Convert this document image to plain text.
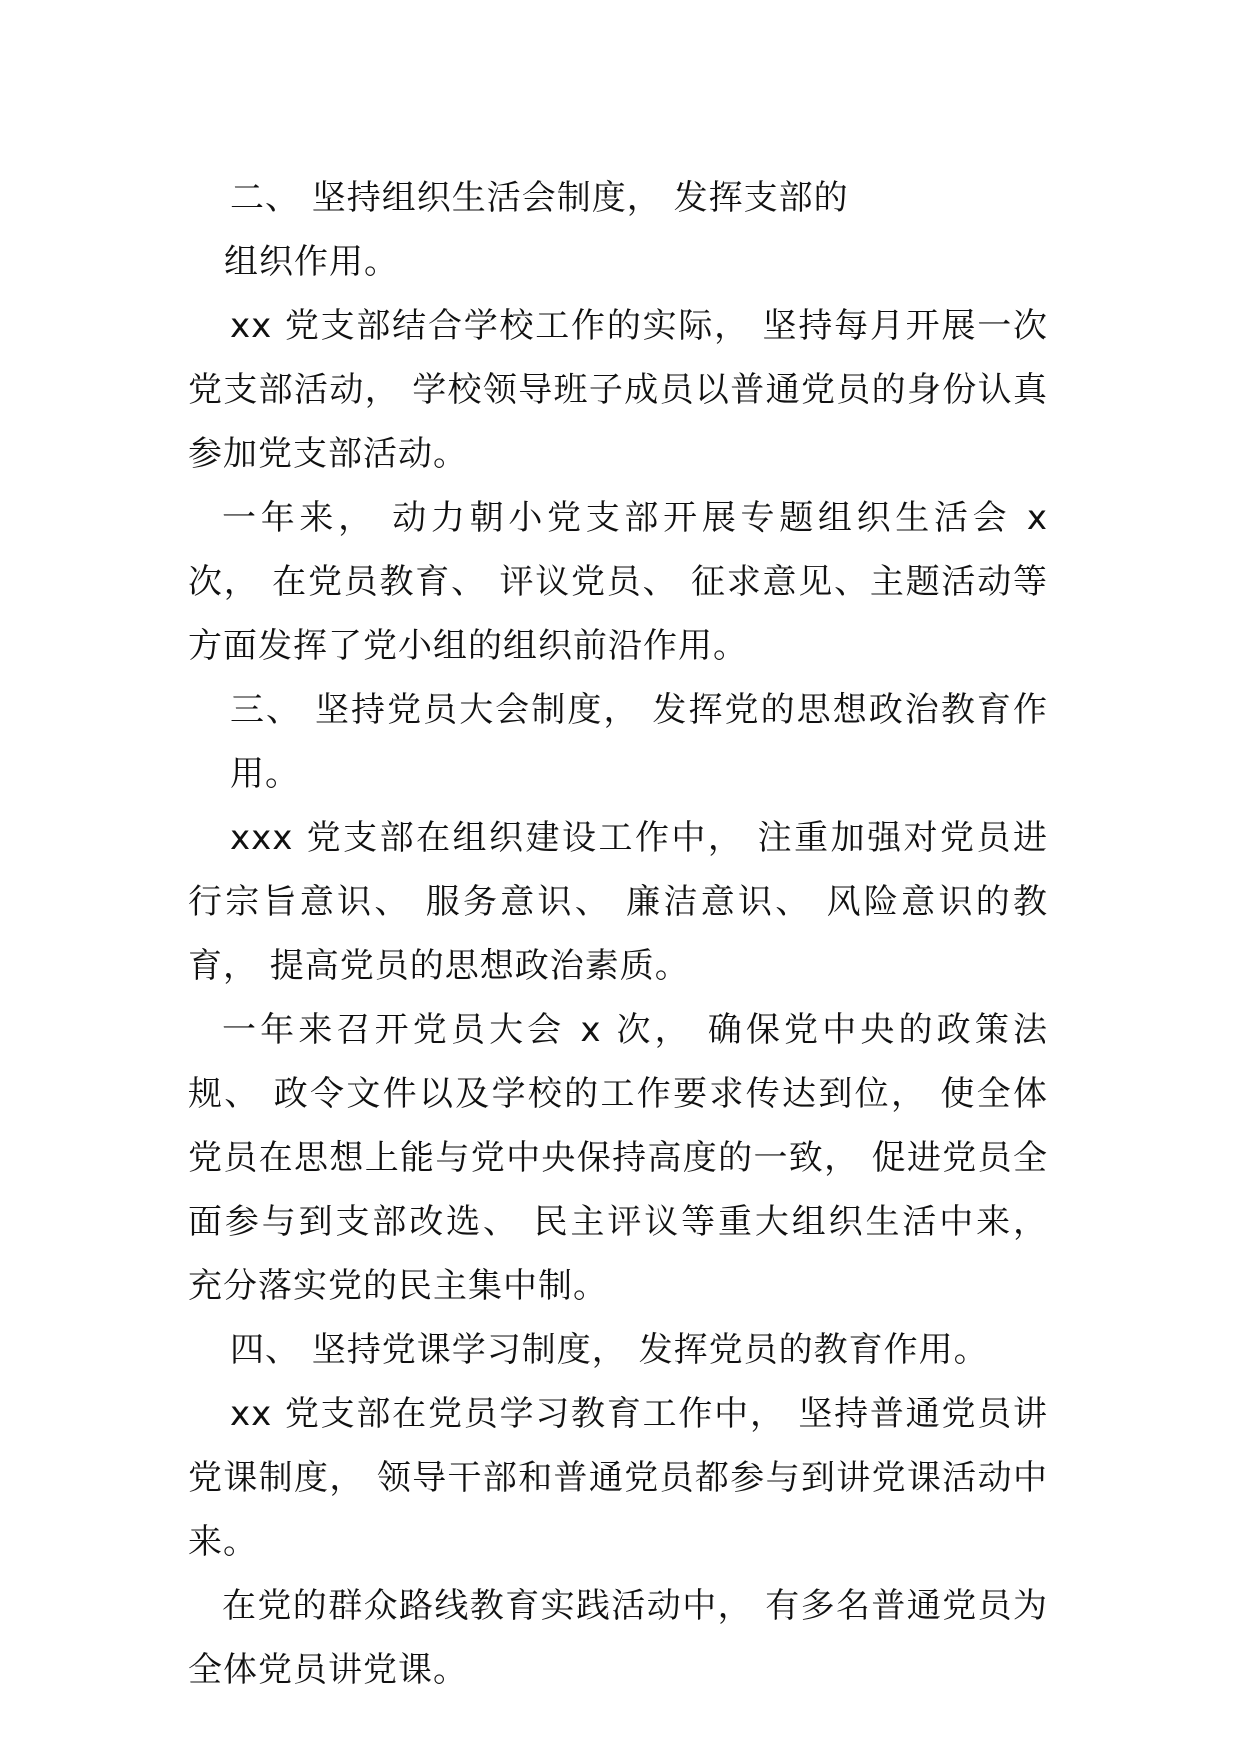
二、 坚持组织生活会制度， 发挥支部的

组织作用。

xx 党支部结合学校工作的实际， 坚持每月开展一次党支部活动， 学校领导班子成员以普通党员的身份认真参加党支部活动。

一年来， 动力朝小党支部开展专题组织生活会 x 次， 在党员教育、 评议党员、 征求意见、主题活动等方面发挥了党小组的组织前沿作用。

三、 坚持党员大会制度， 发挥党的思想政治教育作用。

xxx 党支部在组织建设工作中， 注重加强对党员进行宗旨意识、 服务意识、 廉洁意识、 风险意识的教育， 提高党员的思想政治素质。

一年来召开党员大会 x 次， 确保党中央的政策法规、 政令文件以及学校的工作要求传达到位， 使全体党员在思想上能与党中央保持高度的一致， 促进党员全面参与到支部改选、 民主评议等重大组织生活中来， 充分落实党的民主集中制。

四、 坚持党课学习制度， 发挥党员的教育作用。

xx 党支部在党员学习教育工作中， 坚持普通党员讲党课制度， 领导干部和普通党员都参与到讲党课活动中来。

在党的群众路线教育实践活动中， 有多名普通党员为全体党员讲党课。
